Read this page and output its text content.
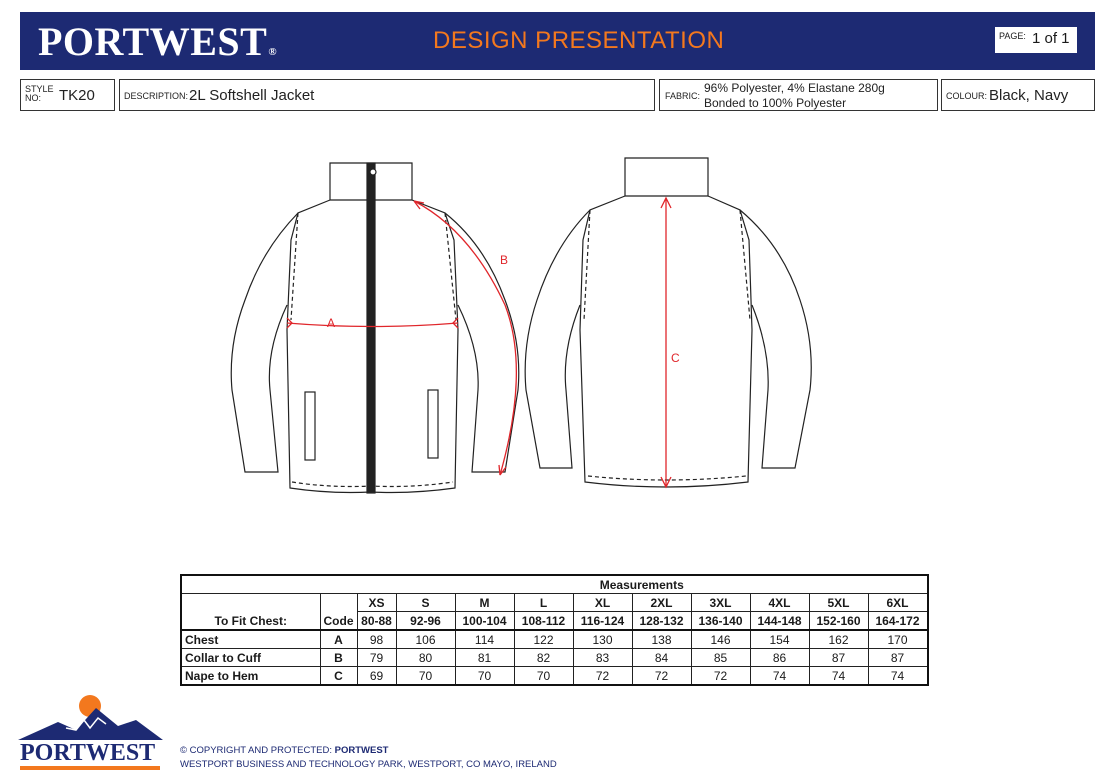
PORTWEST®	DESIGN PRESENTATION	PAGE: 1 of 1
STYLE NO:	TK20	DESCRIPTION: 2L Softshell Jacket	FABRIC:
96% Polyester, 4% Elastane 280g
Bonded to 100% Polyester	COLOUR: Black, Navy
A
B
C
		Measurements									
To Fit Chest:	Code	XS	S	M	L	XL	2XL	3XL	4XL	5XL	6XL
		80-88	92-96	100-104	108-112	116-124	128-132	136-140	144-148	152-160	164-172
Chest	A	98	106	114	122	130	138	146	154	162	170
Collar to Cuff	B	79	80	81	82	83	84	85	86	87	87
Nape to Hem	C	69	70	70	70	72	72	72	74	74	74
PORTWEST	© COPYRIGHT AND PROTECTED: PORTWEST
WESTPORT BUSINESS AND TECHNOLOGY PARK, WESTPORT, CO MAYO, IRELAND
